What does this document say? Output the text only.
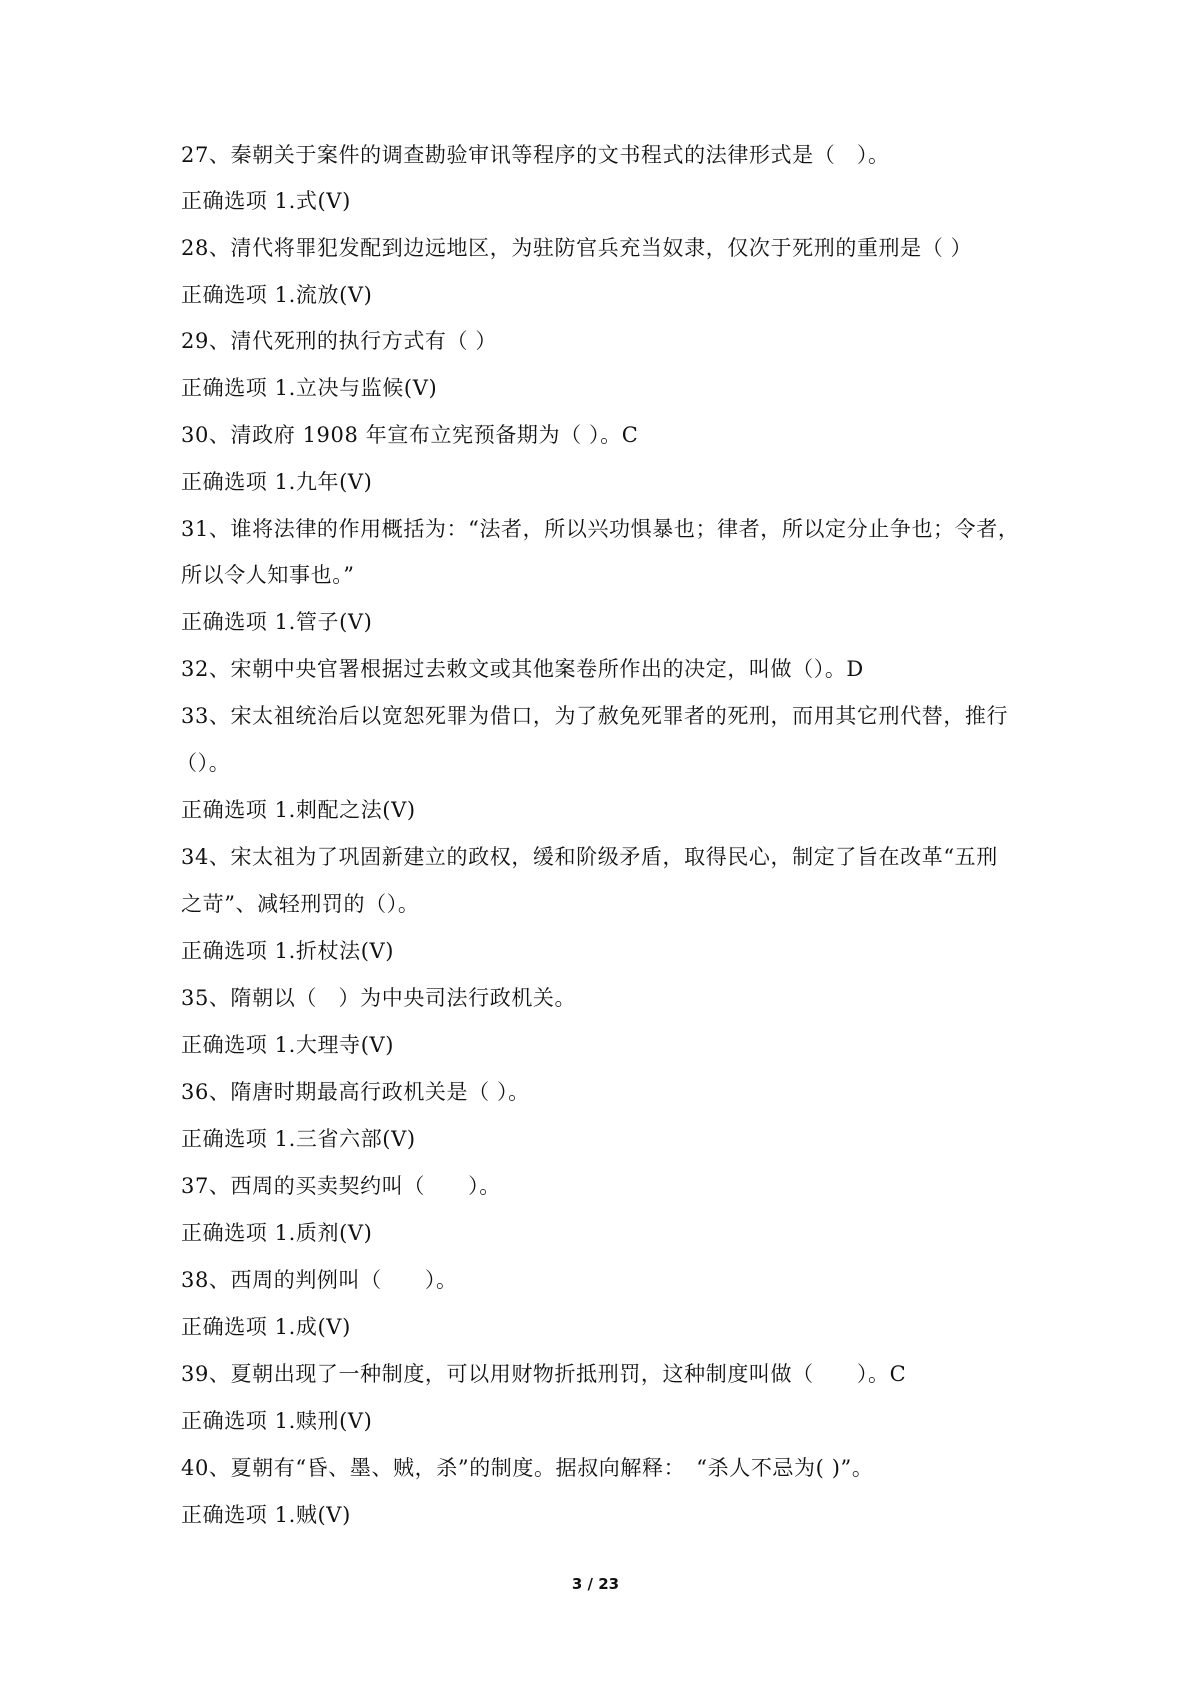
27、秦朝关于案件的调查勘验审讯等程序的文书程式的法律形式是（　）。
正确选项 1.式(V)
28、清代将罪犯发配到边远地区，为驻防官兵充当奴隶，仅次于死刑的重刑是（ ）
正确选项 1.流放(V)
29、清代死刑的执行方式有（ ）
正确选项 1.立决与监候(V)
30、清政府 1908 年宣布立宪预备期为（ ）。C
正确选项 1.九年(V)
31、谁将法律的作用概括为：“法者，所以兴功惧暴也；律者，所以定分止争也；令者，
所以令人知事也。”
正确选项 1.管子(V)
32、宋朝中央官署根据过去敕文或其他案卷所作出的决定，叫做（）。D
33、宋太祖统治后以宽恕死罪为借口，为了赦免死罪者的死刑，而用其它刑代替，推行
（）。
正确选项 1.刺配之法(V)
34、宋太祖为了巩固新建立的政权，缓和阶级矛盾，取得民心，制定了旨在改革“五刑
之苛”、减轻刑罚的（）。
正确选项 1.折杖法(V)
35、隋朝以（　）为中央司法行政机关。
正确选项 1.大理寺(V)
36、隋唐时期最高行政机关是（ ）。
正确选项 1.三省六部(V)
37、西周的买卖契约叫（　　）。
正确选项 1.质剂(V)
38、西周的判例叫（　　）。
正确选项 1.成(V)
39、夏朝出现了一种制度，可以用财物折抵刑罚，这种制度叫做（　　）。C
正确选项 1.赎刑(V)
40、夏朝有“昏、墨、贼，杀”的制度。据叔向解释：　“杀人不忌为( )”。
正确选项 1.贼(V)
3 / 23
